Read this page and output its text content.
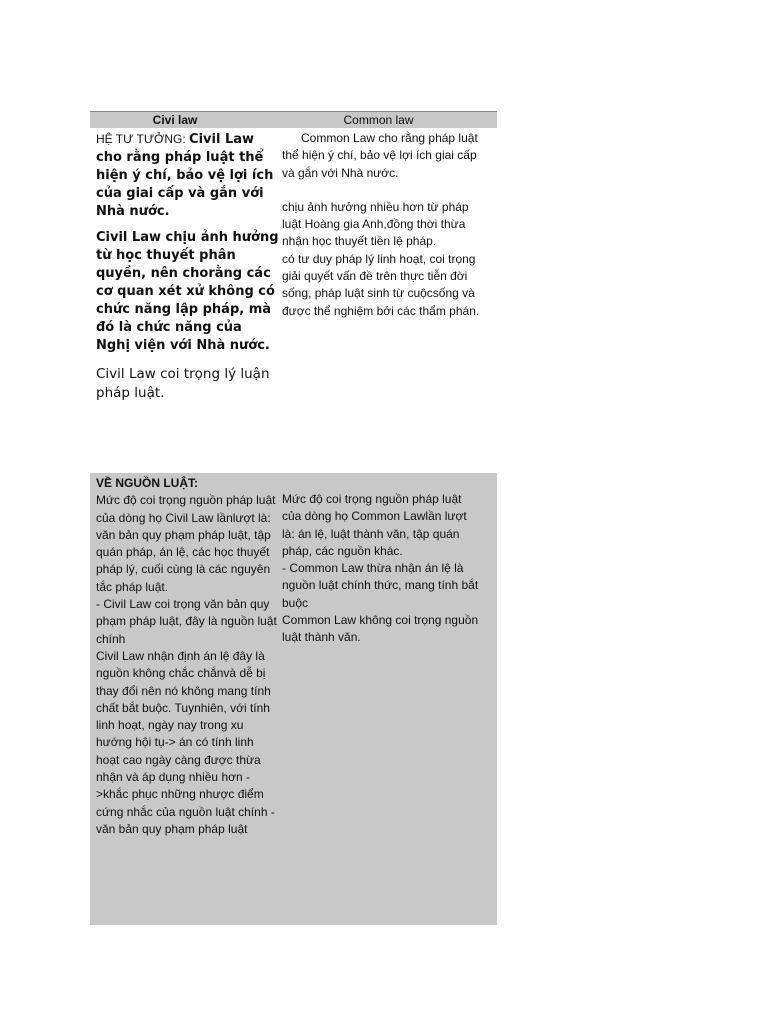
Civi law	Common law

HỆ TƯ TƯỞNG: Civil Law cho rằng pháp luật thể hiện ý chí, bảo vệ lợi ích của giai cấp và gắn với Nhà nước.

Civil Law chịu ảnh hưởng từ học thuyết phân quyền, nên chorằng các cơ quan xét xử không có chức năng lập pháp, mà đó là chức năng của Nghị viện với Nhà nước.

Civil Law coi trọng lý luận pháp luật.

Common Law cho rằng pháp luật thể hiện ý chí, bảo vệ lợi ích giai cấp và gắn với Nhà nước.

chịu ảnh hưởng nhiều hơn từ pháp luật Hoàng gia Anh,đồng thời thừa nhận học thuyết tiền lệ pháp.

có tư duy pháp lý linh hoạt, coi trọng giải quyết vấn đề trên thực tiễn đời sống, pháp luật sinh từ cuộcsống và được thể nghiệm bởi các thẩm phán.

VỀ NGUỒN LUẬT:

Mức độ coi trọng nguồn pháp luật của dòng họ Civil Law lầnlượt là: văn bản quy phạm pháp luật, tập quán pháp, án lệ, các học thuyết pháp lý, cuối cùng là các nguyên tắc pháp luật.

- Civil Law coi trọng văn bản quy phạm pháp luật, đây là nguồn luật chính

Civil Law nhận định án lệ đây là nguồn không chắc chắnvà dễ bị thay đổi nên nó không mang tính chất bắt buộc. Tuynhiên, với tính linh hoạt, ngày nay trong xu hướng hội tụ-> án có tính linh hoạt cao ngày càng được thừa nhận và áp dụng nhiều hơn ->khắc phục những nhược điểm cứng nhắc của nguồn luật chính - văn bản quy phạm pháp luật

Mức độ coi trọng nguồn pháp luật của dòng họ Common Lawlần lượt là: án lệ, luật thành văn, tập quán pháp, các nguồn khác.

- Common Law thừa nhận án lệ là nguồn luật chính thức, mang tính bắt buộc

Common Law không coi trọng nguồn luật thành văn.
